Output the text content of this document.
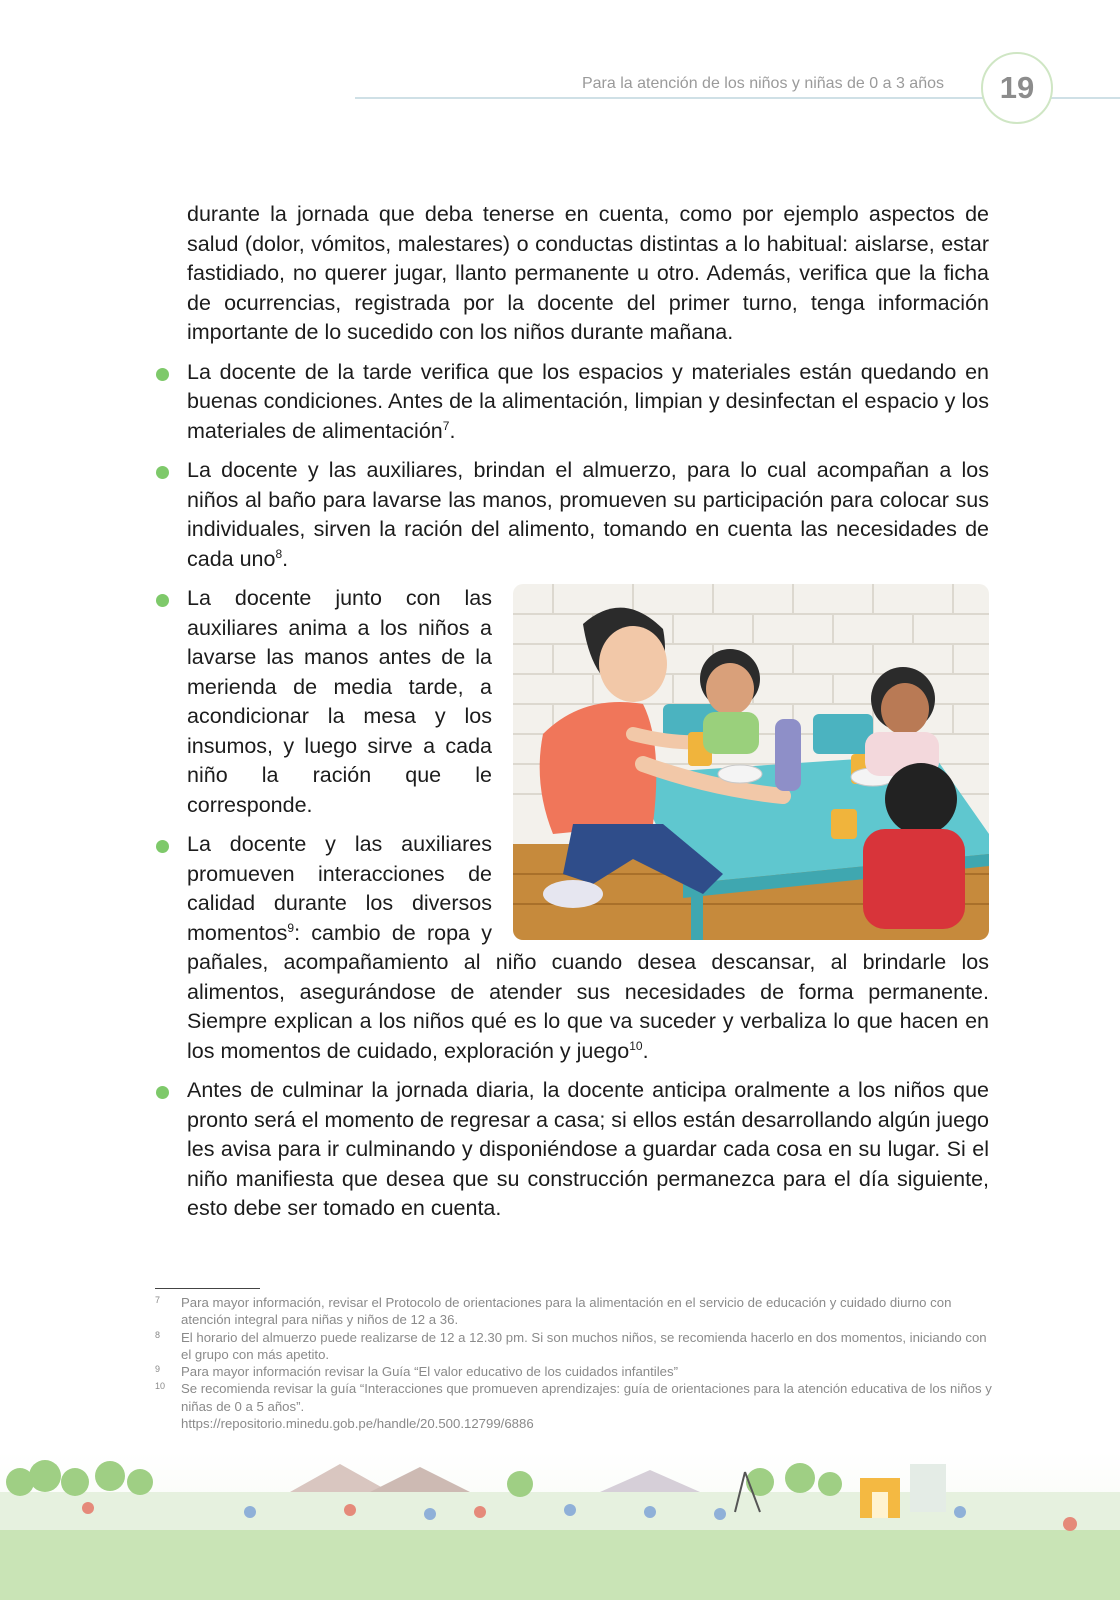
Para la atención de los niños y niñas de 0 a 3 años	19

durante la jornada que deba tenerse en cuenta, como por ejemplo aspectos de salud (dolor, vómitos, malestares) o conductas distintas a lo habitual: aislarse, estar fastidiado, no querer jugar, llanto permanente u otro. Además, verifica que la ficha de ocurrencias, registrada por la docente del primer turno, tenga información importante de lo sucedido con los niños durante mañana.

La docente de la tarde verifica que los espacios y materiales están quedando en buenas condiciones. Antes de la alimentación, limpian y desinfectan el espacio y los materiales de alimentación$^7$.

La docente y las auxiliares, brindan el almuerzo, para lo cual acompañan a los niños al baño para lavarse las manos, promueven su participación para colocar sus individuales, sirven la ración del alimento, tomando en cuenta las necesidades de cada uno$^8$.

La docente junto con las auxiliares anima a los niños a lavarse las manos antes de la merienda de media tarde, a acondicionar la mesa y los insumos, y luego sirve a cada niño la ración que le corresponde.

La docente y las auxiliares promueven interacciones de calidad durante los diversos momentos$^9$: cambio de ropa y pañales, acompañamiento al niño cuando desea descansar, al brindarle los alimentos, asegurándose de atender sus necesidades de forma permanente. Siempre explican a los niños qué es lo que va suceder y verbaliza lo que hacen en los momentos de cuidado, exploración y juego$^{10}$.

Antes de culminar la jornada diaria, la docente anticipa oralmente a los niños que pronto será el momento de regresar a casa; si ellos están desarrollando algún juego les avisa para ir culminando y disponiéndose a guardar cada cosa en su lugar. Si el niño manifiesta que desea que su construcción permanezca para el día siguiente, esto debe ser tomado en cuenta.

7 Para mayor información, revisar el Protocolo de orientaciones para la alimentación en el servicio de educación y cuidado diurno con atención integral para niñas y niños de 12 a 36.
8 El horario del almuerzo puede realizarse de 12 a 12.30 pm. Si son muchos niños, se recomienda hacerlo en dos momentos, iniciando con el grupo con más apetito.
9 Para mayor información revisar la Guía “El valor educativo de los cuidados infantiles”
10 Se recomienda revisar la guía “Interacciones que promueven aprendizajes: guía de orientaciones para la atención educativa de los niños y niñas de 0 a 5 años”.
https://repositorio.minedu.gob.pe/handle/20.500.12799/6886
